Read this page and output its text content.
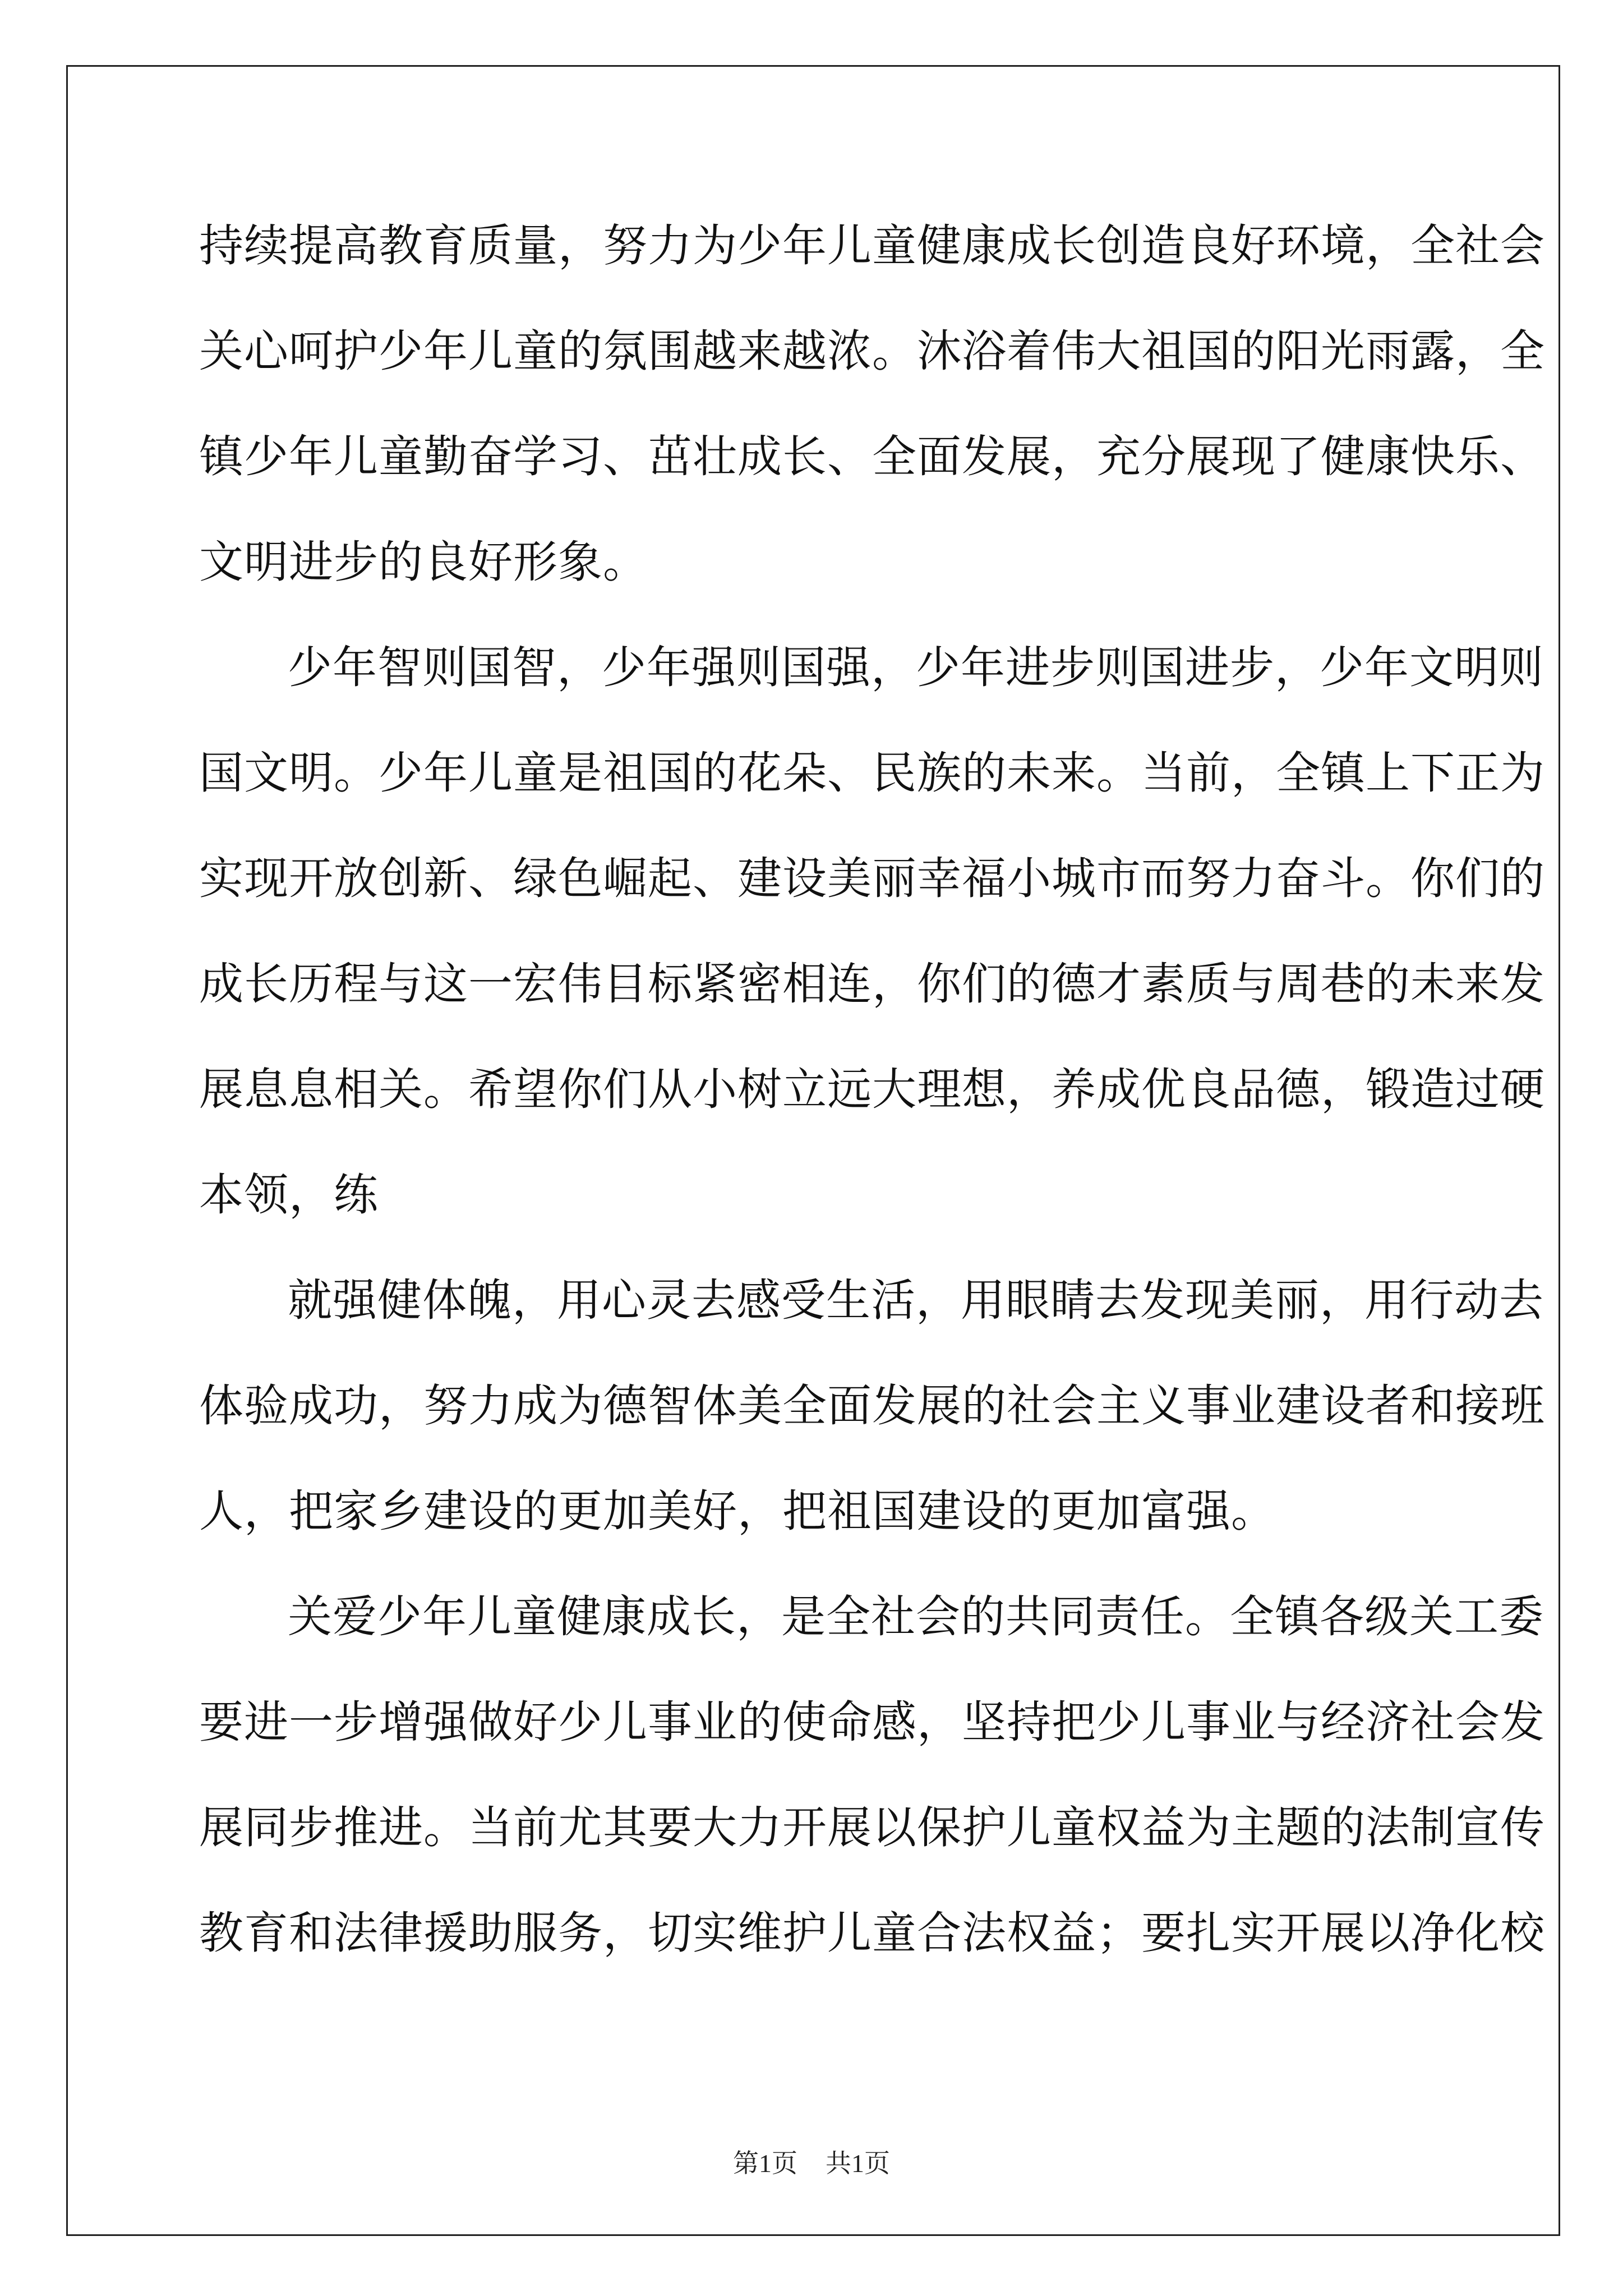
持续提高教育质量，努力为少年儿童健康成长创造良好环境，全社会
关心呵护少年儿童的氛围越来越浓。沐浴着伟大祖国的阳光雨露，全
镇少年儿童勤奋学习、茁壮成长、全面发展，充分展现了健康快乐、
文明进步的良好形象。
少年智则国智，少年强则国强，少年进步则国进步，少年文明则
国文明。少年儿童是祖国的花朵、民族的未来。当前，全镇上下正为
实现开放创新、绿色崛起、建设美丽幸福小城市而努力奋斗。你们的
成长历程与这一宏伟目标紧密相连，你们的德才素质与周巷的未来发
展息息相关。希望你们从小树立远大理想，养成优良品德，锻造过硬
本领，练
就强健体魄，用心灵去感受生活，用眼睛去发现美丽，用行动去
体验成功，努力成为德智体美全面发展的社会主义事业建设者和接班
人，把家乡建设的更加美好，把祖国建设的更加富强。
关爱少年儿童健康成长，是全社会的共同责任。全镇各级关工委
要进一步增强做好少儿事业的使命感，坚持把少儿事业与经济社会发
展同步推进。当前尤其要大力开展以保护儿童权益为主题的法制宣传
教育和法律援助服务，切实维护儿童合法权益；要扎实开展以净化校
第1页 共1页
